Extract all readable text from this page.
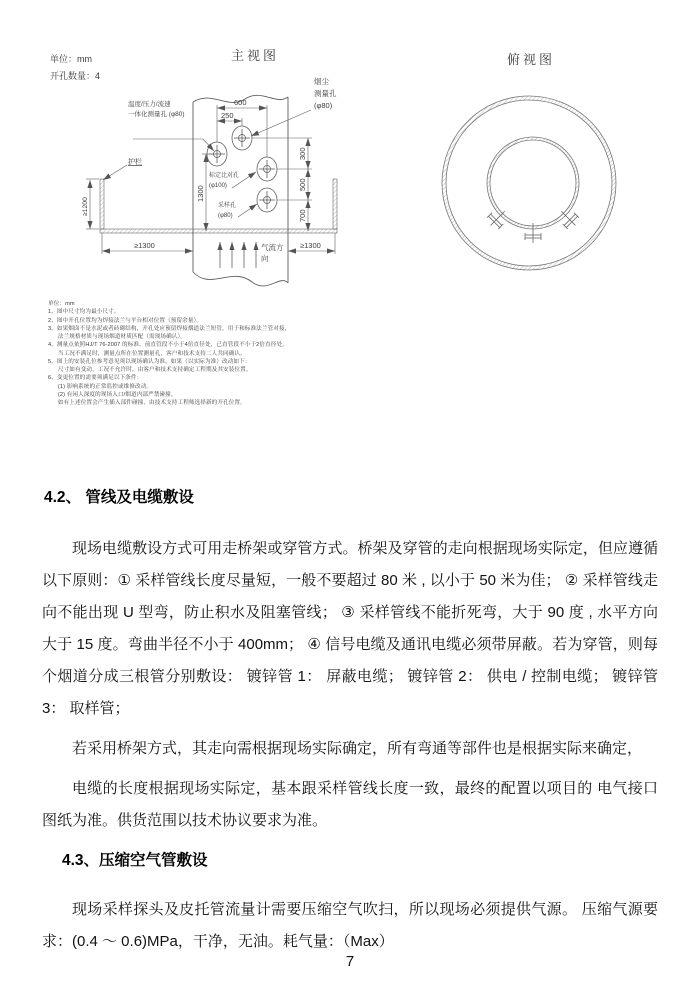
单位：mm
开孔数量：4
主视图
600
250
300
500
700
1300
≥1200
≥1300	≥1300
温度/压力/流速
一体化测量孔 (φ80)
烟尘
测量孔
(φ80)
标定比对孔
(φ100)
采样孔
(φ80)
护栏
气流方
向
俯视图
单位：mm
1、图中尺寸均为最小尺寸。
2、图中开孔位置均为焊接法兰与平台相对位置（预留余量）。
3、如果烟囱不是水泥或者砖砌结构，开孔处应预留焊接烟道法兰短管，用于和标准法兰管对接，
法兰规格材质与现场烟道材质匹配（需现场确认）。
4、测量点依照HJ/T 76-2007 的标准，前直管段不小于4倍直径处，已直管段不小于2倍直径处，
当工况不满足时，测量点所在位置测量孔，客户和技术支持二人共同确认。
5、图上的安装孔位参考意见须以现场确认为准，如果（以实际为准）改动如下：
尺寸如有变动，工况不允许时，由客户和技术支持确定工程期及其安装位置。
6、变更位置的需要须满足以下条件：
(1) 影响系统的正常监控或维修改动。
(2) 有闲人深度的现场入口/烟道内部严禁碰撞。
如有上述位置会产生插入部件碰撞，由技术支持工程师选择新的开孔位置。
4.2、 管线及电缆敷设

现场电缆敷设方式可用走桥架或穿管方式。桥架及穿管的走向根据现场实际定，但应遵循以下原则：① 采样管线长度尽量短，一般不要超过 80 米 , 以小于 50 米为佳； ② 采样管线走向不能出现 U 型弯，防止积水及阻塞管线； ③ 采样管线不能折死弯，大于 90 度 , 水平方向大于 15 度。弯曲半径不小于 400mm； ④ 信号电缆及通讯电缆必须带屏蔽。若为穿管，则每个烟道分成三根管分别敷设： 镀锌管 1： 屏蔽电缆； 镀锌管 2： 供电 / 控制电缆； 镀锌管 3： 取样管；

若采用桥架方式，其走向需根据现场实际确定，所有弯通等部件也是根据实际来确定，

电缆的长度根据现场实际定，基本跟采样管线长度一致，最终的配置以项目的 电气接口图纸为准。供货范围以技术协议要求为准。

4.3、压缩空气管敷设

现场采样探头及皮托管流量计需要压缩空气吹扫，所以现场必须提供气源。 压缩气源要求：(0.4 ～ 0.6)MPa，干净，无油。耗气量：（Max）

7
